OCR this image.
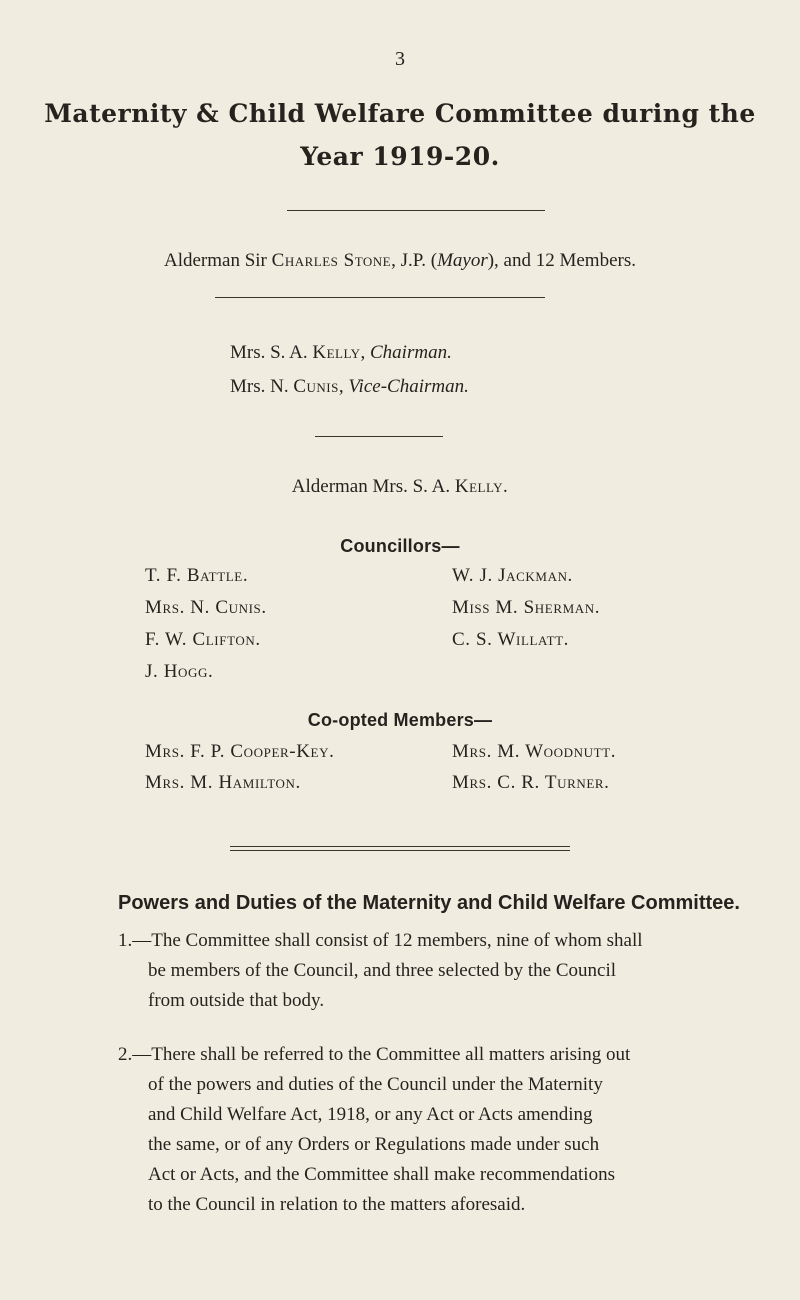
3
Maternity & Child Welfare Committee during the
Year 1919-20.
Alderman Sir Charles Stone, J.P. (Mayor), and 12 Members.
Mrs. S. A. Kelly, Chairman.
Mrs. N. Cunis, Vice-Chairman.
Alderman Mrs. S. A. Kelly.
Councillors—
T. F. Battle.
Mrs. N. Cunis.
F. W. Clifton.
J. Hogg.
W. J. Jackman.
Miss M. Sherman.
C. S. Willatt.
Co-opted Members—
Mrs. F. P. Cooper-Key.
Mrs. M. Hamilton.
Mrs. M. Woodnutt.
Mrs. C. R. Turner.
Powers and Duties of the Maternity and Child Welfare Committee.
1.—The Committee shall consist of 12 members, nine of whom shall
be members of the Council, and three selected by the Council
from outside that body.
2.—There shall be referred to the Committee all matters arising out
of the powers and duties of the Council under the Maternity
and Child Welfare Act, 1918, or any Act or Acts amending
the same, or of any Orders or Regulations made under such
Act or Acts, and the Committee shall make recommendations
to the Council in relation to the matters aforesaid.
